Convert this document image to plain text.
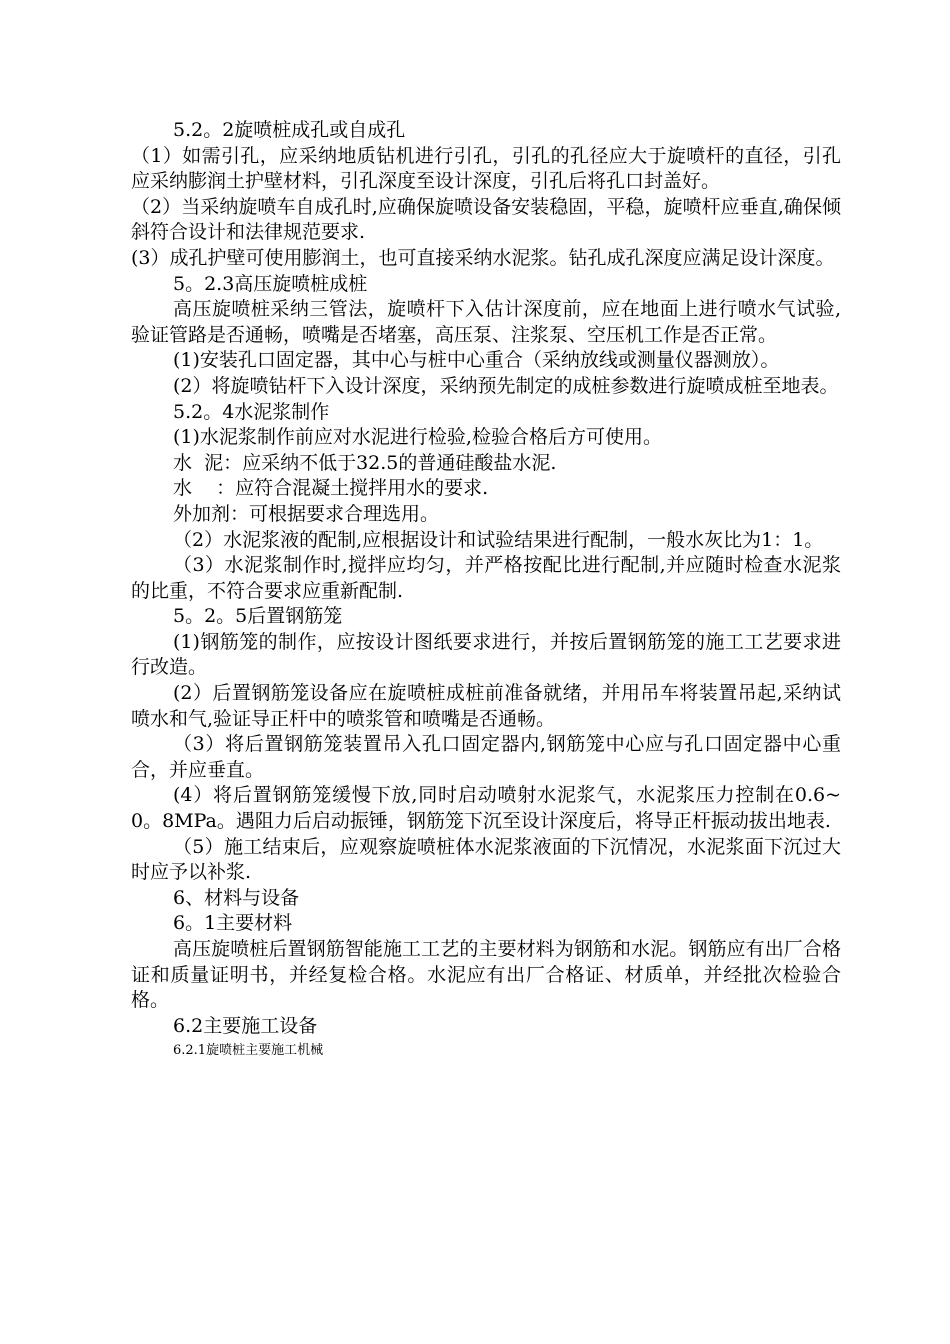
5.2。2旋喷桩成孔或自成孔

（1）如需引孔，应采纳地质钻机进行引孔，引孔的孔径应大于旋喷杆的直径，引孔应采纳膨润土护壁材料，引孔深度至设计深度，引孔后将孔口封盖好。

（2）当采纳旋喷车自成孔时,应确保旋喷设备安装稳固，平稳，旋喷杆应垂直,确保倾斜符合设计和法律规范要求.

(3）成孔护壁可使用膨润土，也可直接采纳水泥浆。钻孔成孔深度应满足设计深度。

5。2.3高压旋喷桩成桩

高压旋喷桩采纳三管法，旋喷杆下入估计深度前，应在地面上进行喷水气试验,验证管路是否通畅，喷嘴是否堵塞，高压泵、注浆泵、空压机工作是否正常。

(1)安装孔口固定器，其中心与桩中心重合（采纳放线或测量仪器测放）。

(2）将旋喷钻杆下入设计深度，采纳预先制定的成桩参数进行旋喷成桩至地表。

5.2。4水泥浆制作

(1)水泥浆制作前应对水泥进行检验,检验合格后方可使用。

水  泥：应采纳不低于32.5的普通硅酸盐水泥.

水    ：应符合混凝土搅拌用水的要求.

外加剂：可根据要求合理选用。

（2）水泥浆液的配制,应根据设计和试验结果进行配制，一般水灰比为1：1。

（3）水泥浆制作时,搅拌应均匀，并严格按配比进行配制,并应随时检查水泥浆的比重，不符合要求应重新配制.

5。2。5后置钢筋笼

(1)钢筋笼的制作，应按设计图纸要求进行，并按后置钢筋笼的施工工艺要求进行改造。

(2）后置钢筋笼设备应在旋喷桩成桩前准备就绪，并用吊车将装置吊起,采纳试喷水和气,验证导正杆中的喷浆管和喷嘴是否通畅。

（3）将后置钢筋笼装置吊入孔口固定器内,钢筋笼中心应与孔口固定器中心重合，并应垂直。

(4）将后置钢筋笼缓慢下放,同时启动喷射水泥浆气，水泥浆压力控制在0.6~0。8MPa。遇阻力后启动振锤，钢筋笼下沉至设计深度后，将导正杆振动拔出地表.

（5）施工结束后，应观察旋喷桩体水泥浆液面的下沉情况，水泥浆面下沉过大时应予以补浆.

6、材料与设备

6。1主要材料

高压旋喷桩后置钢筋智能施工工艺的主要材料为钢筋和水泥。钢筋应有出厂合格证和质量证明书，并经复检合格。水泥应有出厂合格证、材质单，并经批次检验合格。

6.2主要施工设备

6.2.1旋喷桩主要施工机械
